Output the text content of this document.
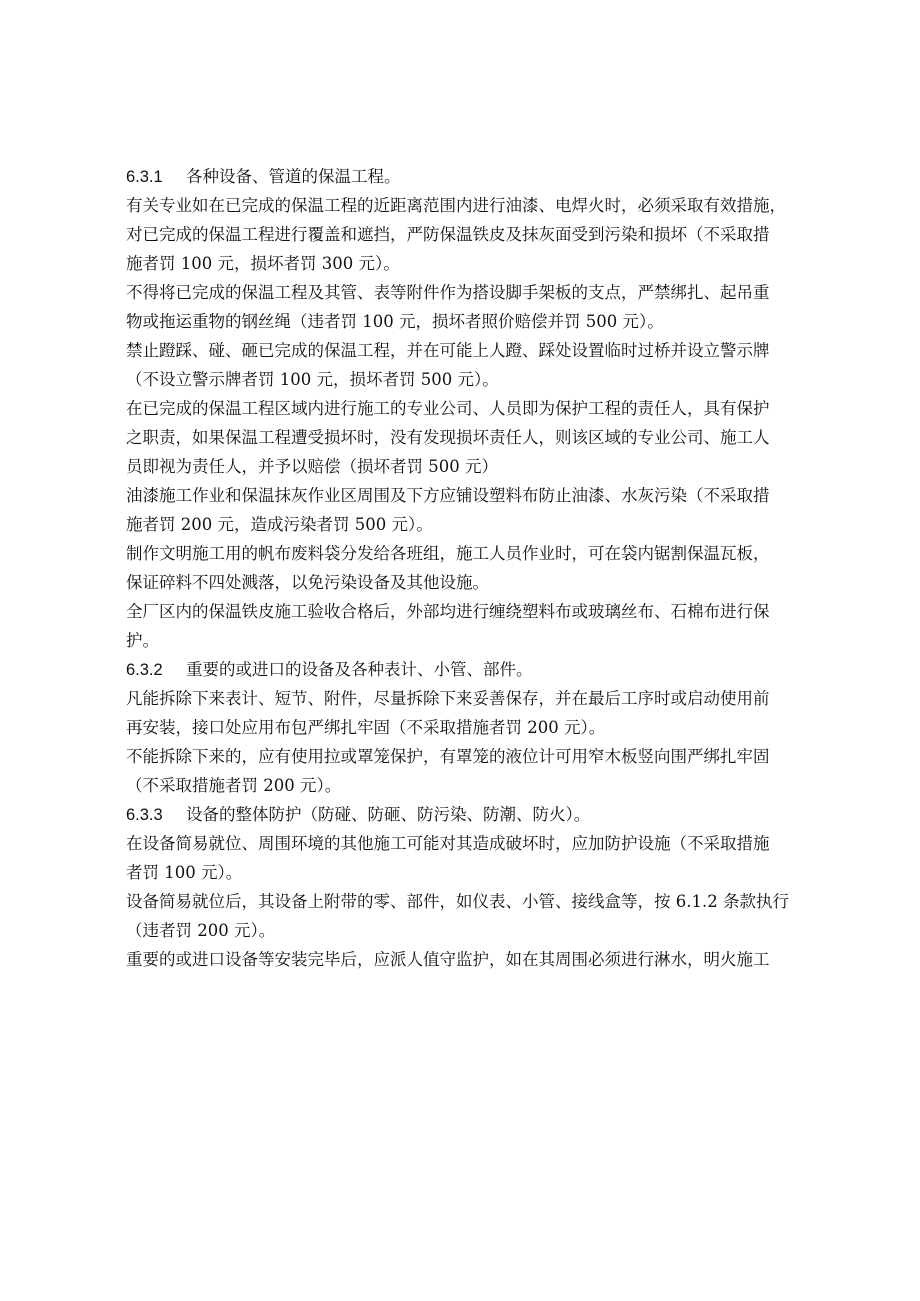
6.3.1 各种设备、管道的保温工程。
有关专业如在已完成的保温工程的近距离范围内进行油漆、电焊火时，必须采取有效措施，
对已完成的保温工程进行覆盖和遮挡，严防保温铁皮及抹灰面受到污染和损坏（不采取措
施者罚 100 元，损坏者罚 300 元）。
不得将已完成的保温工程及其管、表等附件作为搭设脚手架板的支点，严禁绑扎、起吊重
物或拖运重物的钢丝绳（违者罚 100 元，损坏者照价赔偿并罚 500 元）。
禁止蹬踩、碰、砸已完成的保温工程，并在可能上人蹬、踩处设置临时过桥并设立警示牌
（不设立警示牌者罚 100 元，损坏者罚 500 元）。
在已完成的保温工程区域内进行施工的专业公司、人员即为保护工程的责任人，具有保护
之职责，如果保温工程遭受损坏时，没有发现损坏责任人，则该区域的专业公司、施工人
员即视为责任人，并予以赔偿（损坏者罚 500 元）
油漆施工作业和保温抹灰作业区周围及下方应铺设塑料布防止油漆、水灰污染（不采取措
施者罚 200 元，造成污染者罚 500 元）。
制作文明施工用的帆布废料袋分发给各班组，施工人员作业时，可在袋内锯割保温瓦板，
保证碎料不四处溅落，以免污染设备及其他设施。
全厂区内的保温铁皮施工验收合格后，外部均进行缠绕塑料布或玻璃丝布、石棉布进行保
护。
6.3.2 重要的或进口的设备及各种表计、小管、部件。
凡能拆除下来表计、短节、附件，尽量拆除下来妥善保存，并在最后工序时或启动使用前
再安装，接口处应用布包严绑扎牢固（不采取措施者罚 200 元）。
不能拆除下来的，应有使用拉或罩笼保护，有罩笼的液位计可用窄木板竖向围严绑扎牢固
（不采取措施者罚 200 元）。
6.3.3 设备的整体防护（防碰、防砸、防污染、防潮、防火）。
在设备简易就位、周围环境的其他施工可能对其造成破坏时，应加防护设施（不采取措施
者罚 100 元）。
设备简易就位后，其设备上附带的零、部件，如仪表、小管、接线盒等，按 6.1.2 条款执行
（违者罚 200 元）。
重要的或进口设备等安装完毕后，应派人值守监护，如在其周围必须进行淋水，明火施工
